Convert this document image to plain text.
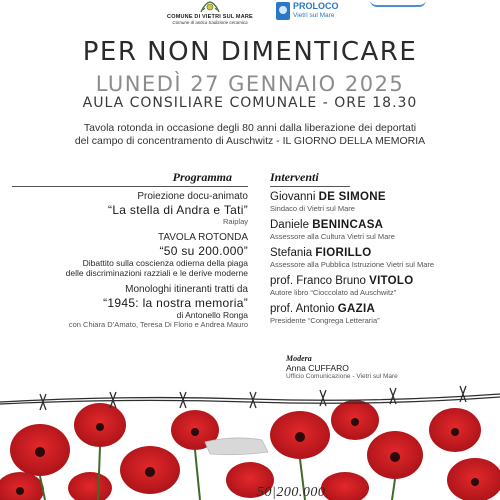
COMUNE DI VIETRI SUL MARE
Comune di antica tradizione ceramica
PROLOCO
Vietri sul Mare
PER NON DIMENTICARE
LUNEDÌ 27 GENNAIO 2025
AULA CONSILIARE COMUNALE - ORE 18.30
Tavola rotonda in occasione degli 80 anni dalla liberazione dei deportati
del campo di concentramento di Auschwitz - IL GIORNO DELLA MEMORIA
Programma
Proiezione docu-animato
“La stella di Andra e Tati”
Raiplay
TAVOLA ROTONDA
“50 su 200.000”
Dibattito sulla coscienza odierna della piaga
delle discriminazioni razziali e le derive moderne
Monologhi itineranti tratti da
“1945: la nostra memoria”
di Antonello Ronga
con Chiara D’Amato, Teresa Di Florio e Andrea Mauro
Interventi
Giovanni DE SIMONE
Sindaco di Vietri sul Mare
Daniele BENINCASA
Assessore alla Cultura Vietri sul Mare
Stefania FIORILLO
Assessore alla Pubblica Istruzione Vietri sul Mare
prof. Franco Bruno VITOLO
Autore libro “Cioccolato ad Auschwitz”
prof. Antonio GAZIA
Presidente “Congrega Letteraria”
Modera
Anna CUFFARO
Ufficio Comunicazione - Vietri sul Mare
50|200.000
